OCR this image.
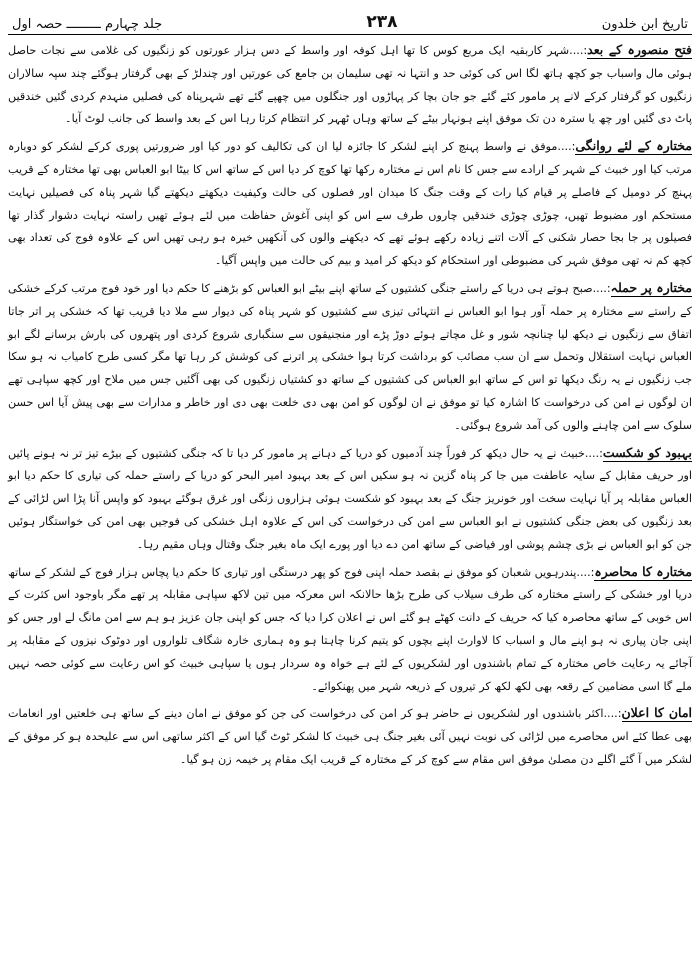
تاریخ ابن خلدون
۲۳۸
جلد چہارم ـــــــــ حصہ اول

فتح منصورہ کے بعد:....شہر کاربقیہ ایک مربع کوس کا تھا اہل کوفہ اور واسط کے دس ہزار عورتوں کو زنگیوں کی غلامی سے نجات حاصل ہوئی مال واسباب جو کچھ ہاتھ لگا اس کی کوئی حد و انتہا نہ تھی سلیمان بن جامع کی عورتیں اور چندلڑ کے بھی گرفتار ہوگئے چند سپہ سالاران زنگیوں کو گرفتار کرکے لانے پر مامور کئے گئے جو جان بچا کر پہاڑوں اور جنگلوں میں چھپے گئے تھے شہرپناہ کی فصلیں منہدم کردی گئیں خندقیں پاٹ دی گئیں اور چھ یا سترہ دن تک موفق اپنے ہونہار بیٹے کے ساتھ وہاں ٹھہر کر انتظام کرتا رہا اس کے بعد واسط کی جانب لوٹ آیا۔

مختارہ کے لئے روانگی:....موفق نے واسط پہنچ کر اپنے لشکر کا جائزہ لیا ان کی تکالیف کو دور کیا اور ضرورتیں پوری کرکے لشکر کو دوبارہ مرتب کیا اور خبیث کے شہر کے ارادے سے جس کا نام اس نے مختارہ رکھا تھا کوچ کر دیا اس کے ساتھ اس کا بیٹا ابو العباس بھی تھا مختارہ کے قریب پہنچ کر دومیل کے فاصلے پر قیام کیا رات کے وقت جنگ کا میدان اور فصلوں کی حالت وکیفیت دیکھتے دیکھتے گیا شہر پناہ کی فصیلیں نہایت مستحکم اور مضبوط تھیں، چوڑی چوڑی خندقیں چاروں طرف سے اس کو اپنی آغوش حفاظت میں لئے ہوئے تھیں راستہ نہایت دشوار گذار تھا فصیلوں پر جا بجا حصار شکنی کے آلات اتنے زیادہ رکھے ہوئے تھے کہ دیکھنے والوں کی آنکھیں خیرہ ہو رہی تھیں اس کے علاوہ فوج کی تعداد بھی کچھ کم نہ تھی موفق شہر کی مضبوطی اور استحکام کو دیکھ کر امید و بیم کی حالت میں واپس آگیا۔

مختارہ پر حملہ:....صبح ہوتے ہی دریا کے راستے جنگی کشتیوں کے ساتھ اپنے بیٹے ابو العباس کو بڑھنے کا حکم دیا اور خود فوج مرتب کرکے خشکی کے راستے سے مختارہ پر حملہ آور ہوا ابو العباس نے انتہائی تیزی سے کشتیوں کو شہر پناہ کی دیوار سے ملا دیا قریب تھا کہ خشکی پر اتر جاتا اتفاق سے زنگیوں نے دیکھ لیا چنانچہ شور و غل مچاتے ہوئے دوڑ پڑے اور منجنیقوں سے سنگباری شروع کردی اور پتھروں کی بارش برسانے لگے ابو العباس نہایت استقلال وتحمل سے ان سب مصائب کو برداشت کرتا ہوا خشکی پر اترنے کی کوشش کر رہا تھا مگر کسی طرح کامیاب نہ ہو سکا جب زنگیوں نے یہ رنگ دیکھا تو اس کے ساتھ ابو العباس کی کشتیوں کے ساتھ دو کشتیاں زنگیوں کی بھی آگئیں جس میں ملاح اور کچھ سپاہی تھے ان لوگوں نے امن کی درخواست کا اشارہ کیا تو موفق نے ان لوگوں کو امن بھی دی خلعت بھی دی اور خاطر و مدارات سے بھی پیش آیا اس حسن سلوک سے امن چاہنے والوں کی آمد شروع ہوگئی۔

بہبود کو شکست:....خبیث نے یہ حال دیکھ کر فوراً چند آدمیوں کو دریا کے دہانے پر مامور کر دیا تا کہ جنگی کشتیوں کے بیڑے تیز تر نہ ہونے پائیں اور حریف مقابل کے سایہ عاطفت میں جا کر پناہ گزین نہ ہو سکیں اس کے بعد بہبود امیر البحر کو دریا کے راستے حملہ کی تیاری کا حکم دیا ابو العباس مقابلہ پر آیا نہایت سخت اور خونریز جنگ کے بعد بہبود کو شکست ہوئی ہزاروں زنگی اور غرق ہوگئے بہبود کو واپس آنا پڑا اس لڑائی کے بعد زنگیوں کی بعض جنگی کشتیوں نے ابو العباس سے امن کی درخواست کی اس کے علاوہ اہل خشکی کی فوجیں بھی امن کی خواستگار ہوئیں جن کو ابو العباس نے بڑی چشم پوشی اور فیاضی کے ساتھ امن دے دیا اور پورے ایک ماہ بغیر جنگ وقتال وہاں مقیم رہا۔

مختارہ کا محاصرہ:....پندرہویں شعبان کو موفق نے بقصد حملہ اپنی فوج کو پھر درستگی اور تیاری کا حکم دیا پچاس ہزار فوج کے لشکر کے ساتھ دریا اور خشکی کے راستے مختارہ کی طرف سیلاب کی طرح بڑھا حالانکہ اس معرکہ میں تین لاکھ سپاہی مقابلہ پر تھے مگر باوجود اس کثرت کے اس خوبی کے ساتھ محاصرہ کیا کہ حریف کے دانت کھٹے ہو گئے اس نے اعلان کرا دیا کہ جس کو اپنی جان عزیز ہو ہم سے امن مانگ لے اور جس کو اپنی جان پیاری نہ ہو اپنے مال و اسباب کا لاوارث اپنے بچوں کو یتیم کرنا چاہتا ہو وہ ہماری خارہ شگاف تلواروں اور دوٹوک نیزوں کے مقابلہ پر آجائے یہ رعایت خاص مختارہ کے تمام باشندوں اور لشکریوں کے لئے ہے خواہ وہ سردار ہوں یا سپاہی خبیث کو اس رعایت سے کوئی حصہ نہیں ملے گا اسی مضامین کے رقعہ بھی لکھ لکھ کر تیروں کے ذریعہ شہر میں پھنکوائے۔

امان کا اعلان:....اکثر باشندوں اور لشکریوں نے حاضر ہو کر امن کی درخواست کی جن کو موفق نے امان دینے کے ساتھ ہی خلعتیں اور انعامات بھی عطا کئے اس محاصرے میں لڑائی کی نوبت نہیں آئی بغیر جنگ ہی خبیث کا لشکر ٹوٹ گیا اس کے اکثر ساتھی اس سے علیحدہ ہو کر موفق کے لشکر میں آ گئے اگلے دن مصلیٰ موفق اس مقام سے کوچ کر کے مختارہ کے قریب ایک مقام پر خیمہ زن ہو گیا۔
